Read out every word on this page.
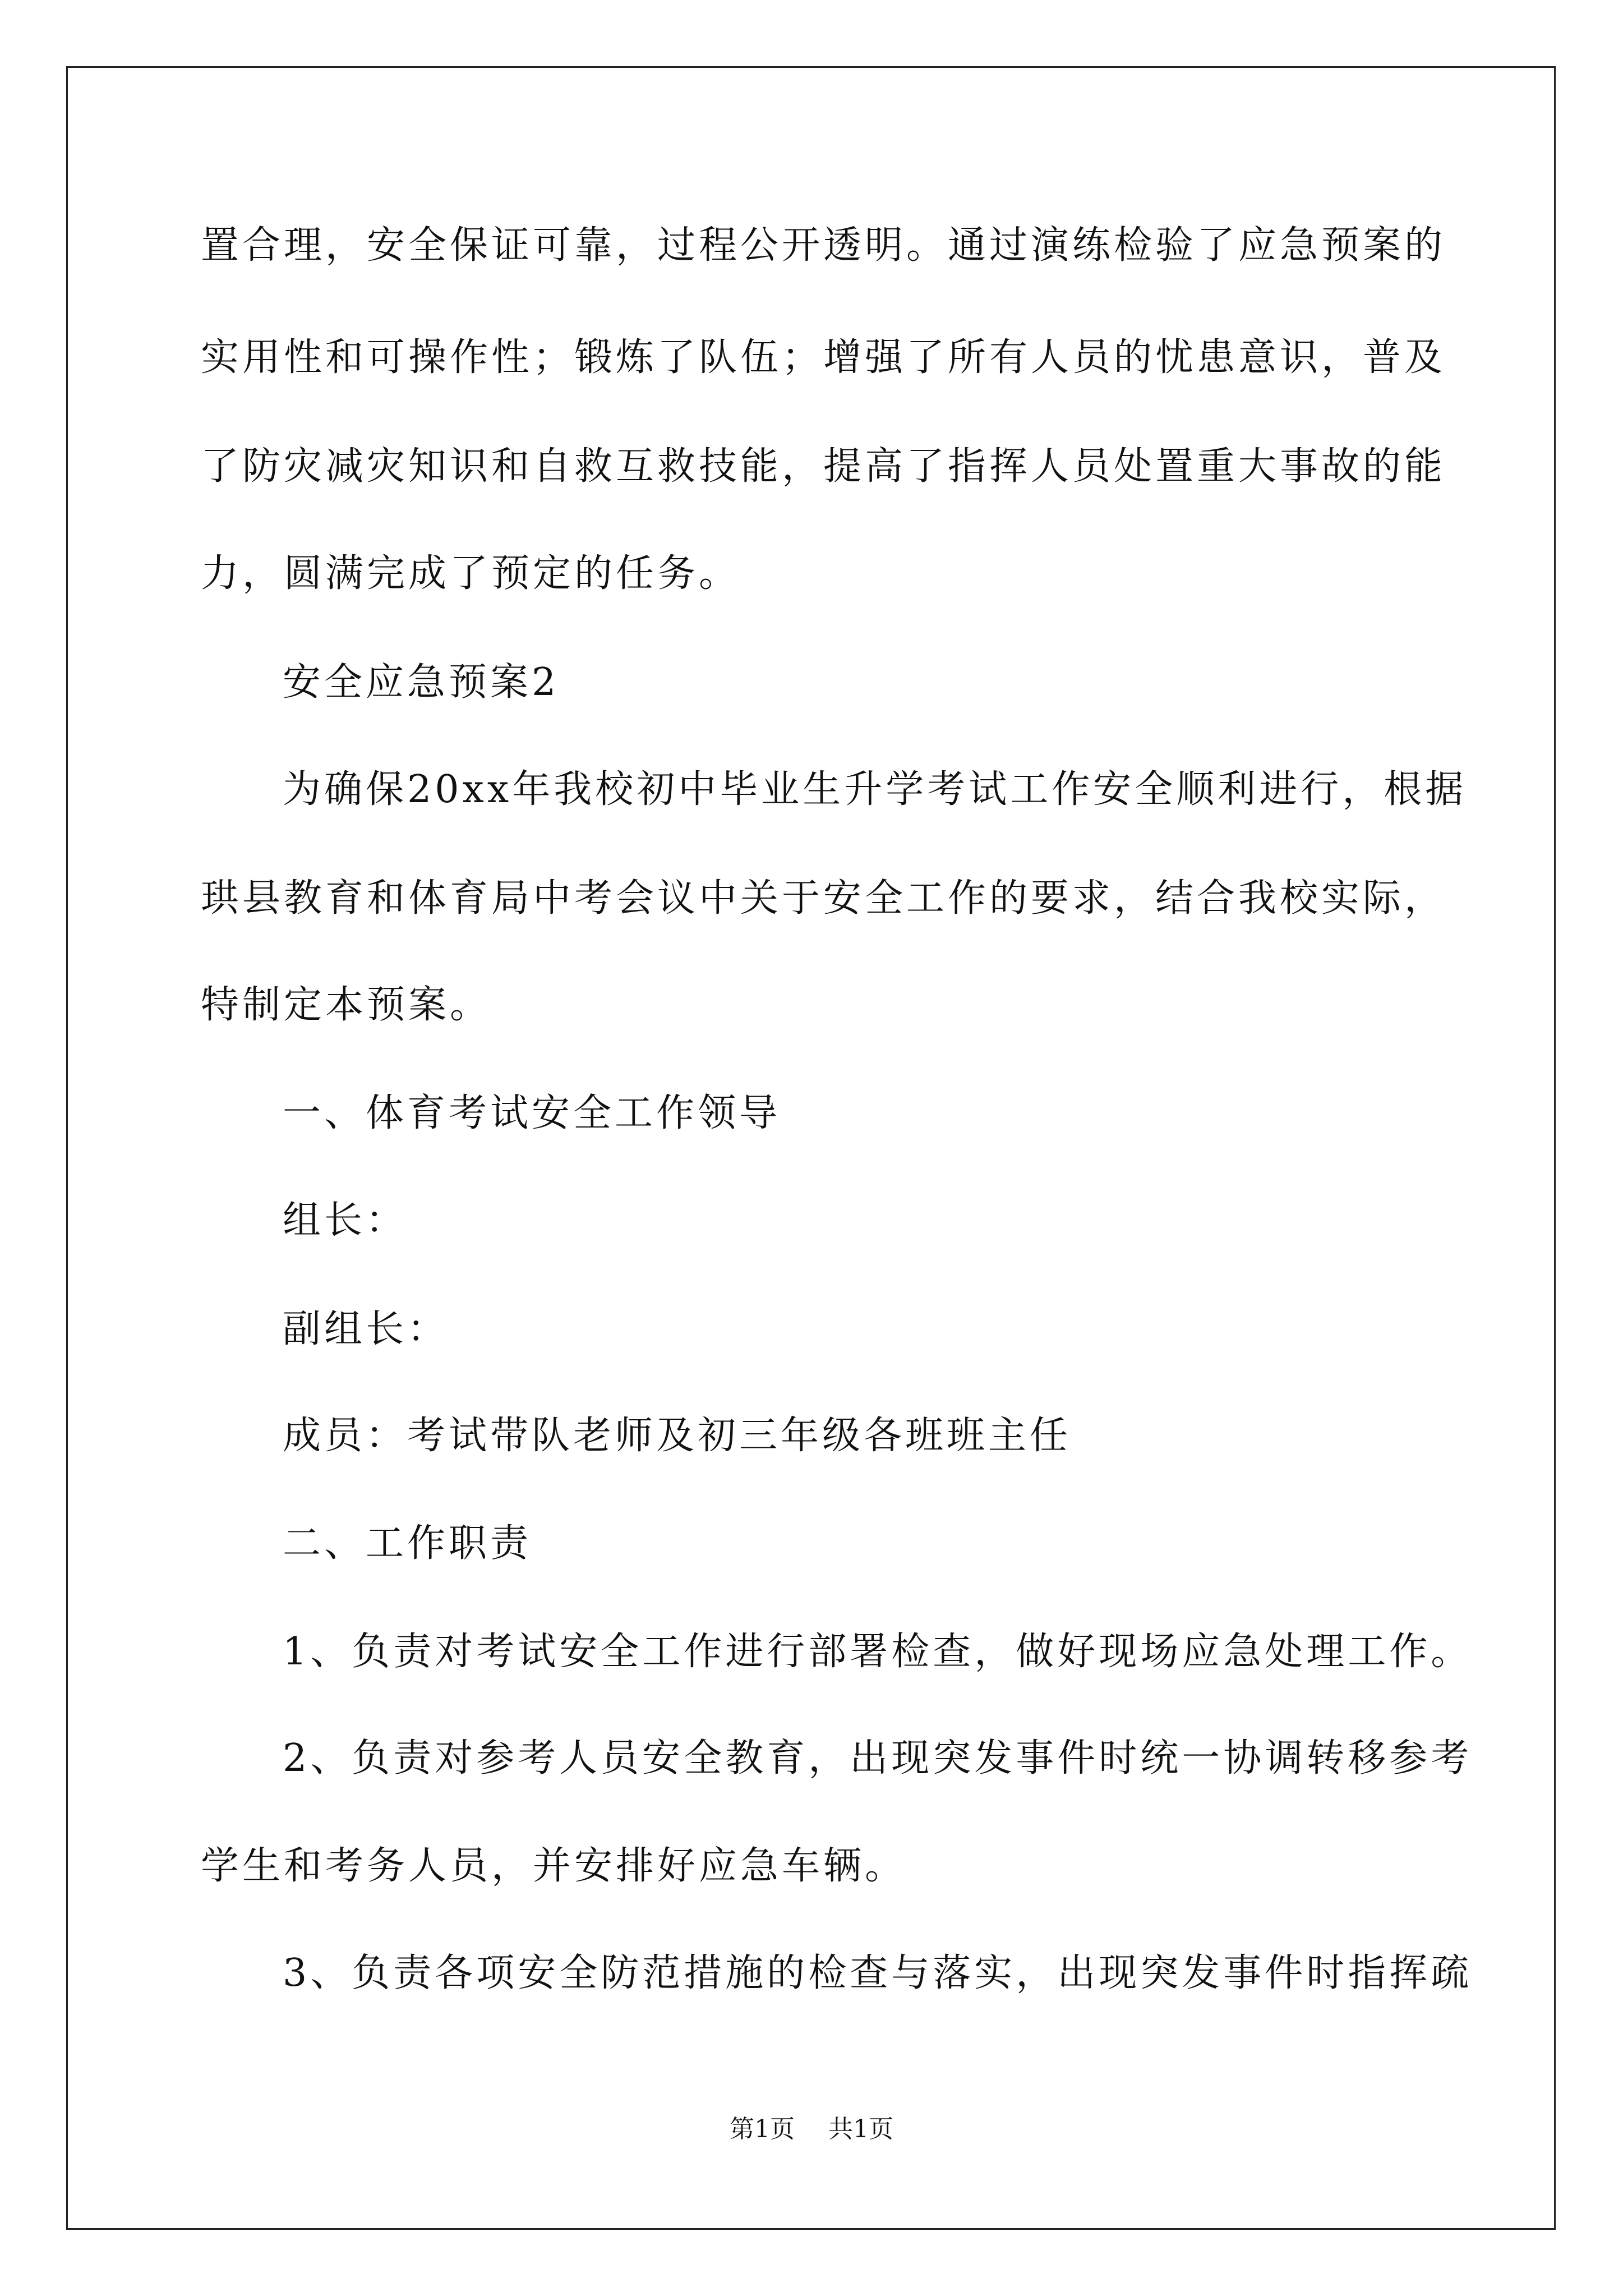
置合理，安全保证可靠，过程公开透明。通过演练检验了应急预案的
实用性和可操作性；锻炼了队伍；增强了所有人员的忧患意识，普及
了防灾减灾知识和自救互救技能，提高了指挥人员处置重大事故的能
力，圆满完成了预定的任务。
安全应急预案2
为确保20xx年我校初中毕业生升学考试工作安全顺利进行，根据
珙县教育和体育局中考会议中关于安全工作的要求，结合我校实际，
特制定本预案。
一、体育考试安全工作领导
组长：
副组长：
成员：考试带队老师及初三年级各班班主任
二、工作职责
1、负责对考试安全工作进行部署检查，做好现场应急处理工作。
2、负责对参考人员安全教育，出现突发事件时统一协调转移参考
学生和考务人员，并安排好应急车辆。
3、负责各项安全防范措施的检查与落实，出现突发事件时指挥疏
第1页 共1页
